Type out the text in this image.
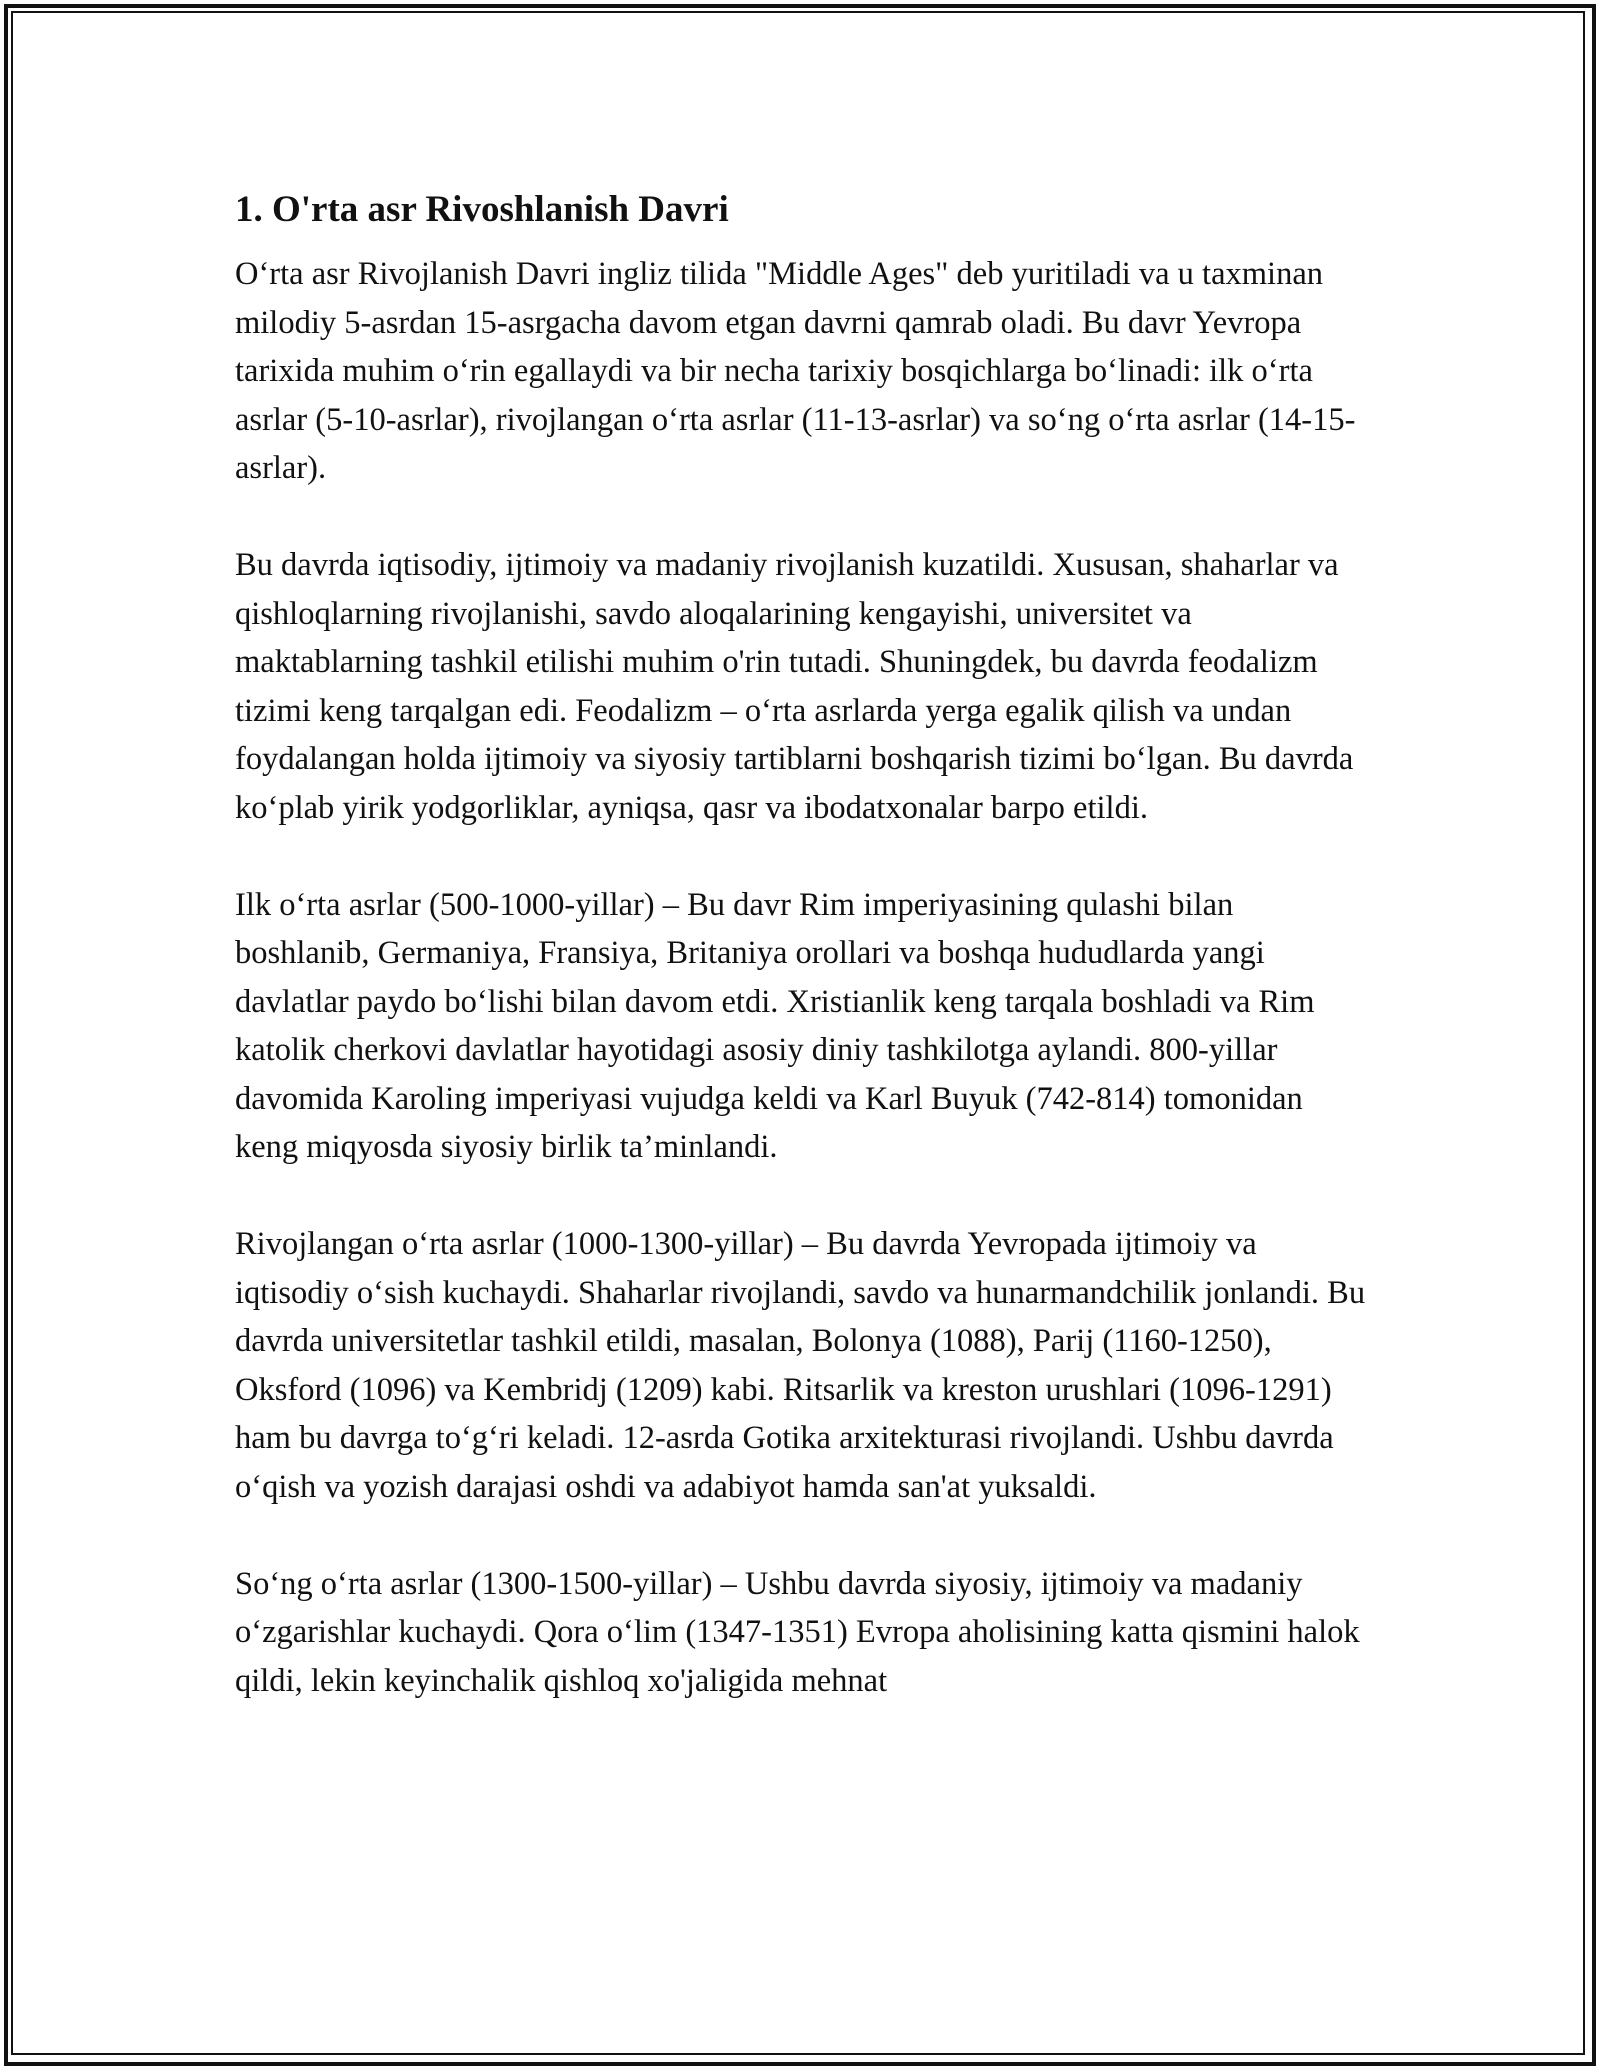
1. O'rta asr Rivoshlanish Davri

O‘rta asr Rivojlanish Davri ingliz tilida "Middle Ages" deb yuritiladi va u taxminan milodiy 5-asrdan 15-asrgacha davom etgan davrni qamrab oladi. Bu davr Yevropa tarixida muhim o‘rin egallaydi va bir necha tarixiy bosqichlarga bo‘linadi: ilk o‘rta asrlar (5-10-asrlar), rivojlangan o‘rta asrlar (11-13-asrlar) va so‘ng o‘rta asrlar (14-15-asrlar).

Bu davrda iqtisodiy, ijtimoiy va madaniy rivojlanish kuzatildi. Xususan, shaharlar va qishloqlarning rivojlanishi, savdo aloqalarining kengayishi, universitet va maktablarning tashkil etilishi muhim o'rin tutadi. Shuningdek, bu davrda feodalizm tizimi keng tarqalgan edi. Feodalizm – o‘rta asrlarda yerga egalik qilish va undan foydalangan holda ijtimoiy va siyosiy tartiblarni boshqarish tizimi bo‘lgan. Bu davrda ko‘plab yirik yodgorliklar, ayniqsa, qasr va ibodatxonalar barpo etildi.

Ilk o‘rta asrlar (500-1000-yillar) – Bu davr Rim imperiyasining qulashi bilan boshlanib, Germaniya, Fransiya, Britaniya orollari va boshqa hududlarda yangi davlatlar paydo bo‘lishi bilan davom etdi. Xristianlik keng tarqala boshladi va Rim katolik cherkovi davlatlar hayotidagi asosiy diniy tashkilotga aylandi. 800-yillar davomida Karoling imperiyasi vujudga keldi va Karl Buyuk (742-814) tomonidan keng miqyosda siyosiy birlik ta’minlandi.

Rivojlangan o‘rta asrlar (1000-1300-yillar) – Bu davrda Yevropada ijtimoiy va iqtisodiy o‘sish kuchaydi. Shaharlar rivojlandi, savdo va hunarmandchilik jonlandi. Bu davrda universitetlar tashkil etildi, masalan, Bolonya (1088), Parij (1160-1250), Oksford (1096) va Kembridj (1209) kabi. Ritsarlik va kreston urushlari (1096-1291) ham bu davrga to‘g‘ri keladi. 12-asrda Gotika arxitekturasi rivojlandi. Ushbu davrda o‘qish va yozish darajasi oshdi va adabiyot hamda san'at yuksaldi.

So‘ng o‘rta asrlar (1300-1500-yillar) – Ushbu davrda siyosiy, ijtimoiy va madaniy o‘zgarishlar kuchaydi. Qora o‘lim (1347-1351) Evropa aholisining katta qismini halok qildi, lekin keyinchalik qishloq xo'jaligida mehnat
